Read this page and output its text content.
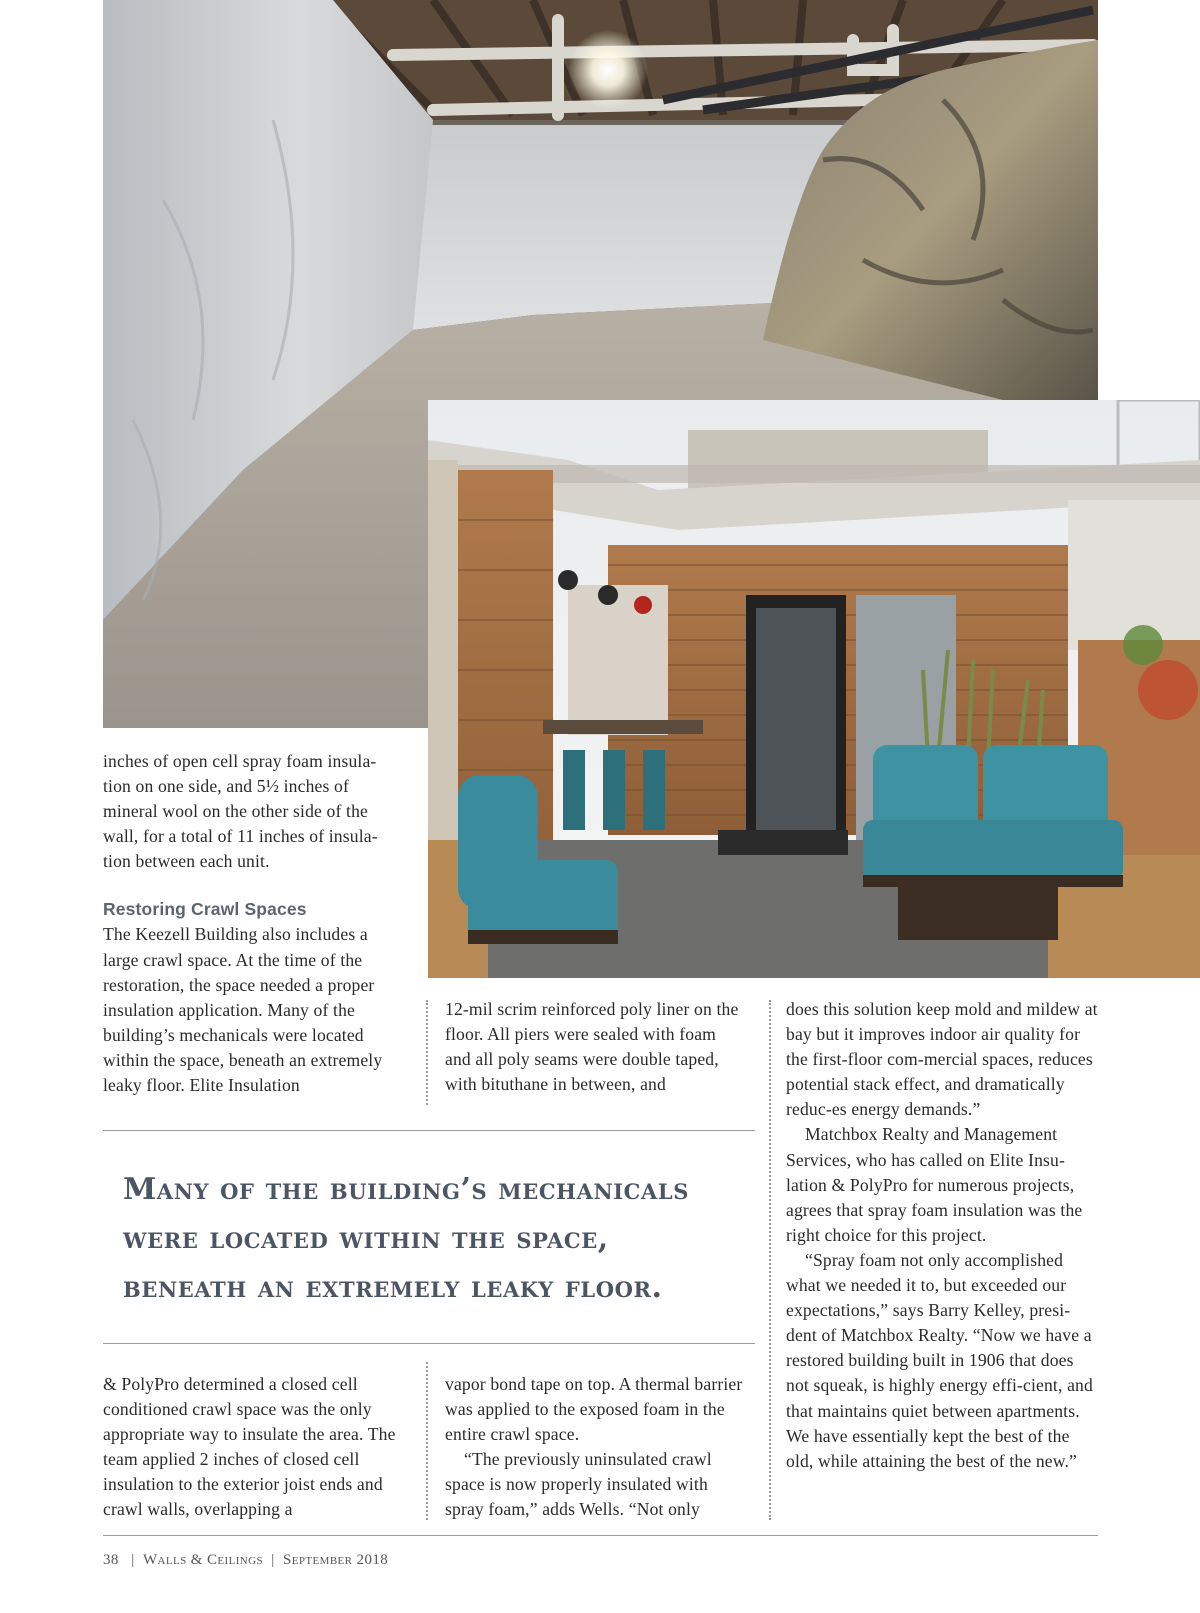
inches of open cell spray foam insula-tion on one side, and 5½ inches of mineral wool on the other side of the wall, for a total of 11 inches of insula-tion between each unit.

Restoring Crawl Spaces

The Keezell Building also includes a large crawl space. At the time of the restoration, the space needed a proper insulation application. Many of the building’s mechanicals were located within the space, beneath an extremely leaky floor. Elite Insulation

12-mil scrim reinforced poly liner on the floor. All piers were sealed with foam and all poly seams were double taped, with bituthane in between, and

does this solution keep mold and mildew at bay but it improves indoor air quality for the first-floor com-mercial spaces, reduces potential stack effect, and dramatically reduc-es energy demands.”

Matchbox Realty and Management Services, who has called on Elite Insu-lation & PolyPro for numerous projects, agrees that spray foam insulation was the right choice for this project.

“Spray foam not only accomplished what we needed it to, but exceeded our expectations,” says Barry Kelley, presi-dent of Matchbox Realty. “Now we have a restored building built in 1906 that does not squeak, is highly energy effi-cient, and that maintains quiet between apartments. We have essentially kept the best of the old, while attaining the best of the new.”

Many of the building’s mechanicals
were located within the space,
beneath an extremely leaky floor.

& PolyPro determined a closed cell conditioned crawl space was the only appropriate way to insulate the area. The team applied 2 inches of closed cell insulation to the exterior joist ends and crawl walls, overlapping a

vapor bond tape on top. A thermal barrier was applied to the exposed foam in the entire crawl space.

“The previously uninsulated crawl space is now properly insulated with spray foam,” adds Wells. “Not only

38 | Walls & Ceilings | September 2018
